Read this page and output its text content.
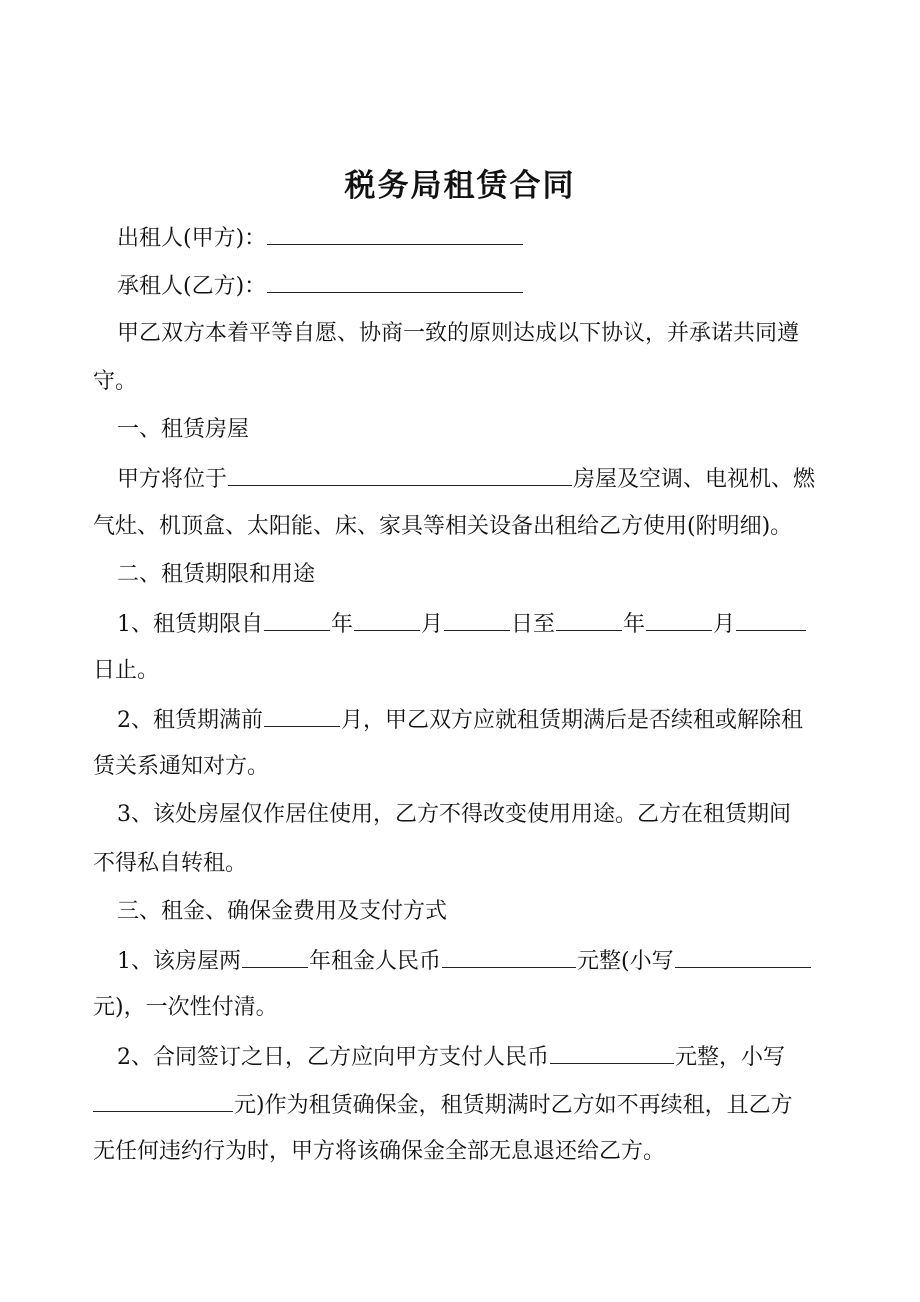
税务局租赁合同
出租人(甲方)：
承租人(乙方)：
甲乙双方本着平等自愿、协商一致的原则达成以下协议，并承诺共同遵
守。
一、租赁房屋
甲方将位于	房屋及空调、电视机、燃
气灶、机顶盒、太阳能、床、家具等相关设备出租给乙方使用(附明细)。
二、租赁期限和用途
1、租赁期限自	年	月	日至	年	月
日止。
2、租赁期满前	月，甲乙双方应就租赁期满后是否续租或解除租
赁关系通知对方。
3、该处房屋仅作居住使用，乙方不得改变使用用途。乙方在租赁期间
不得私自转租。
三、租金、确保金费用及支付方式
1、该房屋两	年租金人民币	元整(小写
元)，一次性付清。
2、合同签订之日，乙方应向甲方支付人民币	元整，小写
元)作为租赁确保金，租赁期满时乙方如不再续租，且乙方
无任何违约行为时，甲方将该确保金全部无息退还给乙方。
